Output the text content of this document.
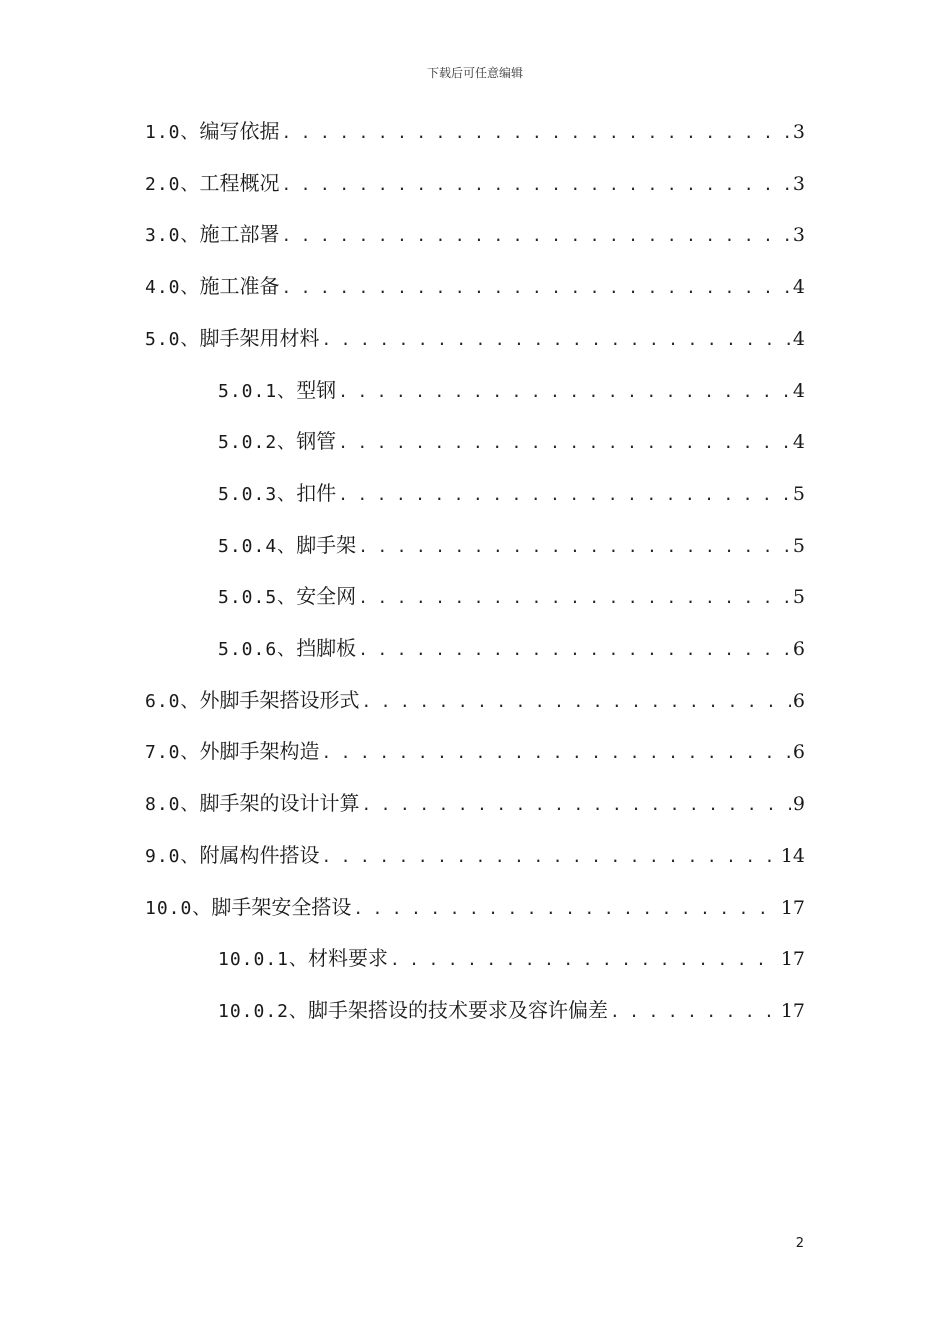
下载后可任意编辑
1.0、 编写依据 . . .	3
2.0、 工程概况 . . .	3
3.0、 施工部署 . . .	3
4.0、 施工准备 . . .	4
5.0、 脚手架用材料 . . .	4
5.0.1、 型钢 . . .	4
5.0.2、 钢管 . . .	4
5.0.3、 扣件 . . .	5
5.0.4、 脚手架 . . .	5
5.0.5、 安全网 . . .	5
5.0.6、 挡脚板 . . .	6
6.0、 外脚手架搭设形式 . . .	6
7.0、 外脚手架构造 . . .	6
8.0、 脚手架的设计计算 . . .	9
9.0、 附属构件搭设 . . .	14
10.0、 脚手架安全搭设 . . .	17
10.0.1、 材料要求 . . .	17
10.0.2、 脚手架搭设的技术要求及容许偏差 . . .	17
2
